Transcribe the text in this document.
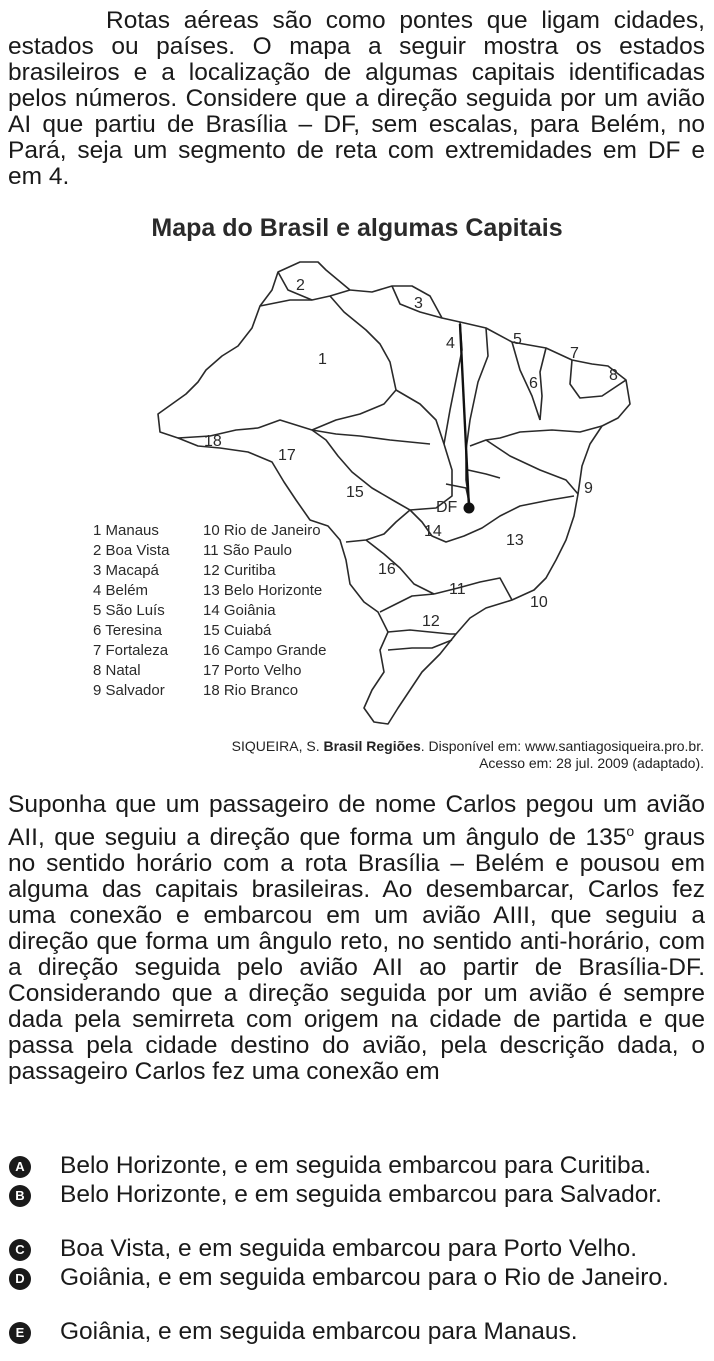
Rotas aéreas são como pontes que ligam cidades, estados ou países. O mapa a seguir mostra os estados brasileiros e a localização de algumas capitais identificadas pelos números. Considere que a direção seguida por um avião AI que partiu de Brasília – DF, sem escalas, para Belém, no Pará, seja um segmento de reta com extremidades em DF e em 4.

Mapa do Brasil e algumas Capitais

DF
2
3
1
4	5
7
8
6
18
17
15	9
14
13
16
11
10
12
1 Manaus
2 Boa Vista
3 Macapá
4 Belém
5 São Luís
6 Teresina
7 Fortaleza
8 Natal
9 Salvador
10 Rio de Janeiro
11 São Paulo
12 Curitiba
13 Belo Horizonte
14 Goiânia
15 Cuiabá
16 Campo Grande
17 Porto Velho
18 Rio Branco

SIQUEIRA, S. Brasil Regiões. Disponível em: www.santiagosiqueira.pro.br.
Acesso em: 28 jul. 2009 (adaptado).

Suponha que um passageiro de nome Carlos pegou um avião AII, que seguiu a direção que forma um ângulo de 135$^o$ graus no sentido horário com a rota Brasília – Belém e pousou em alguma das capitais brasileiras. Ao desembarcar, Carlos fez uma conexão e embarcou em um avião AIII, que seguiu a direção que forma um ângulo reto, no sentido anti-horário, com a direção seguida pelo avião AII ao partir de Brasília-DF. Considerando que a direção seguida por um avião é sempre dada pela semirreta com origem na cidade de partida e que passa pela cidade destino do avião, pela descrição dada, o passageiro Carlos fez uma conexão em

A Belo Horizonte, e em seguida embarcou para Curitiba.
B Belo Horizonte, e em seguida embarcou para Salvador.
C Boa Vista, e em seguida embarcou para Porto Velho.
D Goiânia, e em seguida embarcou para o Rio de Janeiro.
E Goiânia, e em seguida embarcou para Manaus.
